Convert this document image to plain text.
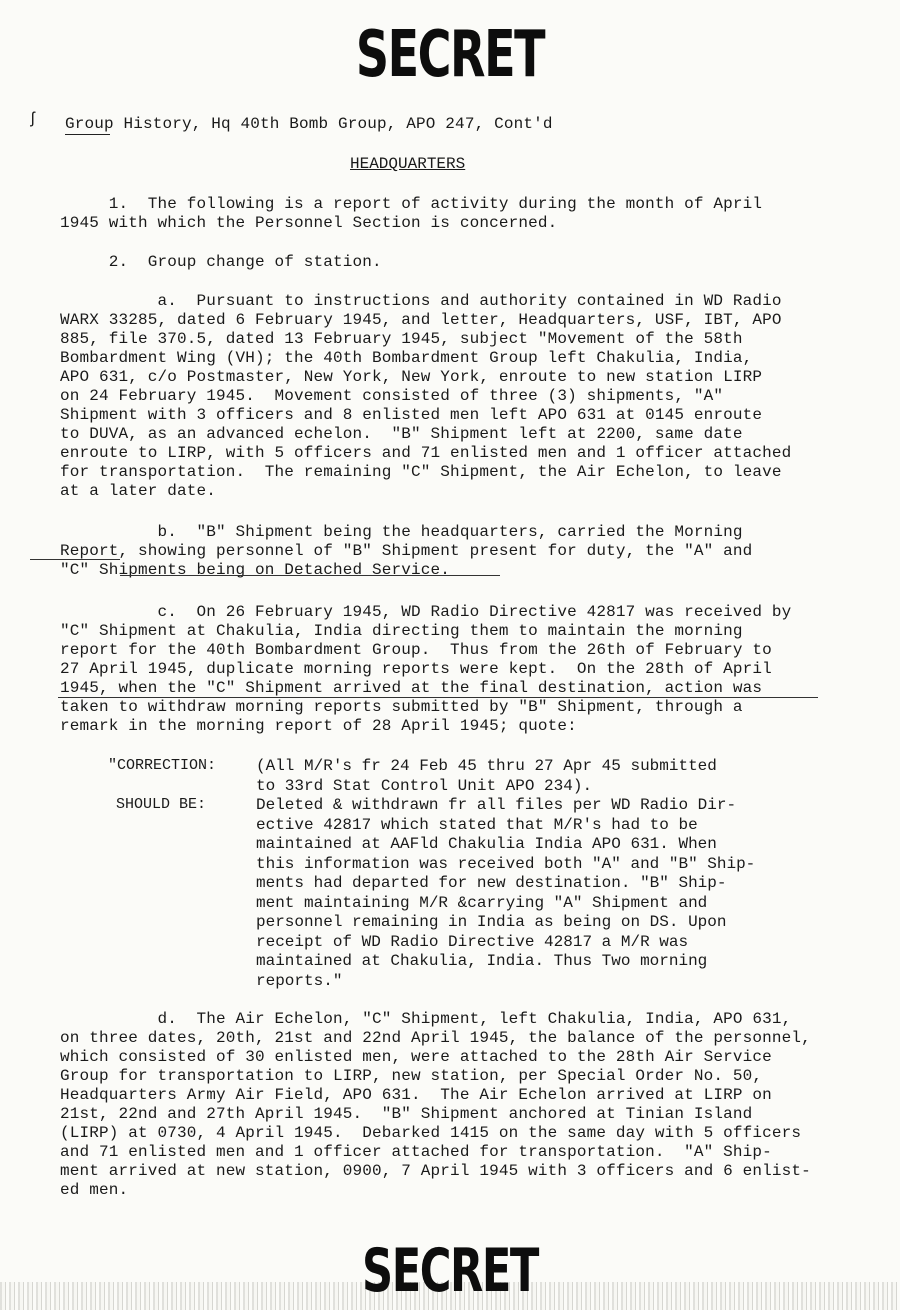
SECRET
ʃ Group History, Hq 40th Bomb Group, APO 247, Cont'd
HEADQUARTERS
1.  The following is a report of activity during the month of April
1945 with which the Personnel Section is concerned.
2.  Group change of station.
a.  Pursuant to instructions and authority contained in WD Radio
WARX 33285, dated 6 February 1945, and letter, Headquarters, USF, IBT, APO
885, file 370.5, dated 13 February 1945, subject "Movement of the 58th
Bombardment Wing (VH); the 40th Bombardment Group left Chakulia, India,
APO 631, c/o Postmaster, New York, New York, enroute to new station LIRP
on 24 February 1945.  Movement consisted of three (3) shipments, "A"
Shipment with 3 officers and 8 enlisted men left APO 631 at 0145 enroute
to DUVA, as an advanced echelon.  "B" Shipment left at 2200, same date
enroute to LIRP, with 5 officers and 71 enlisted men and 1 officer attached
for transportation.  The remaining "C" Shipment, the Air Echelon, to leave
at a later date.
b.  "B" Shipment being the headquarters, carried the Morning
Report, showing personnel of "B" Shipment present for duty, the "A" and
"C" Shipments being on Detached Service.
c.  On 26 February 1945, WD Radio Directive 42817 was received by
"C" Shipment at Chakulia, India directing them to maintain the morning
report for the 40th Bombardment Group.  Thus from the 26th of February to
27 April 1945, duplicate morning reports were kept.  On the 28th of April
1945, when the "C" Shipment arrived at the final destination, action was
taken to withdraw morning reports submitted by "B" Shipment, through a
remark in the morning report of 28 April 1945; quote:
"CORRECTION:
SHOULD BE:
(All M/R's fr 24 Feb 45 thru 27 Apr 45 submitted
to 33rd Stat Control Unit APO 234).
Deleted & withdrawn fr all files per WD Radio Dir-
ective 42817 which stated that M/R's had to be
maintained at AAFld Chakulia India APO 631. When
this information was received both "A" and "B" Ship-
ments had departed for new destination. "B" Ship-
ment maintaining M/R &carrying "A" Shipment and
personnel remaining in India as being on DS. Upon
receipt of WD Radio Directive 42817 a M/R was
maintained at Chakulia, India. Thus Two morning
reports."
d.  The Air Echelon, "C" Shipment, left Chakulia, India, APO 631,
on three dates, 20th, 21st and 22nd April 1945, the balance of the personnel,
which consisted of 30 enlisted men, were attached to the 28th Air Service
Group for transportation to LIRP, new station, per Special Order No. 50,
Headquarters Army Air Field, APO 631.  The Air Echelon arrived at LIRP on
21st, 22nd and 27th April 1945.  "B" Shipment anchored at Tinian Island
(LIRP) at 0730, 4 April 1945.  Debarked 1415 on the same day with 5 officers
and 71 enlisted men and 1 officer attached for transportation.  "A" Ship-
ment arrived at new station, 0900, 7 April 1945 with 3 officers and 6 enlist-
ed men.
SECRET
